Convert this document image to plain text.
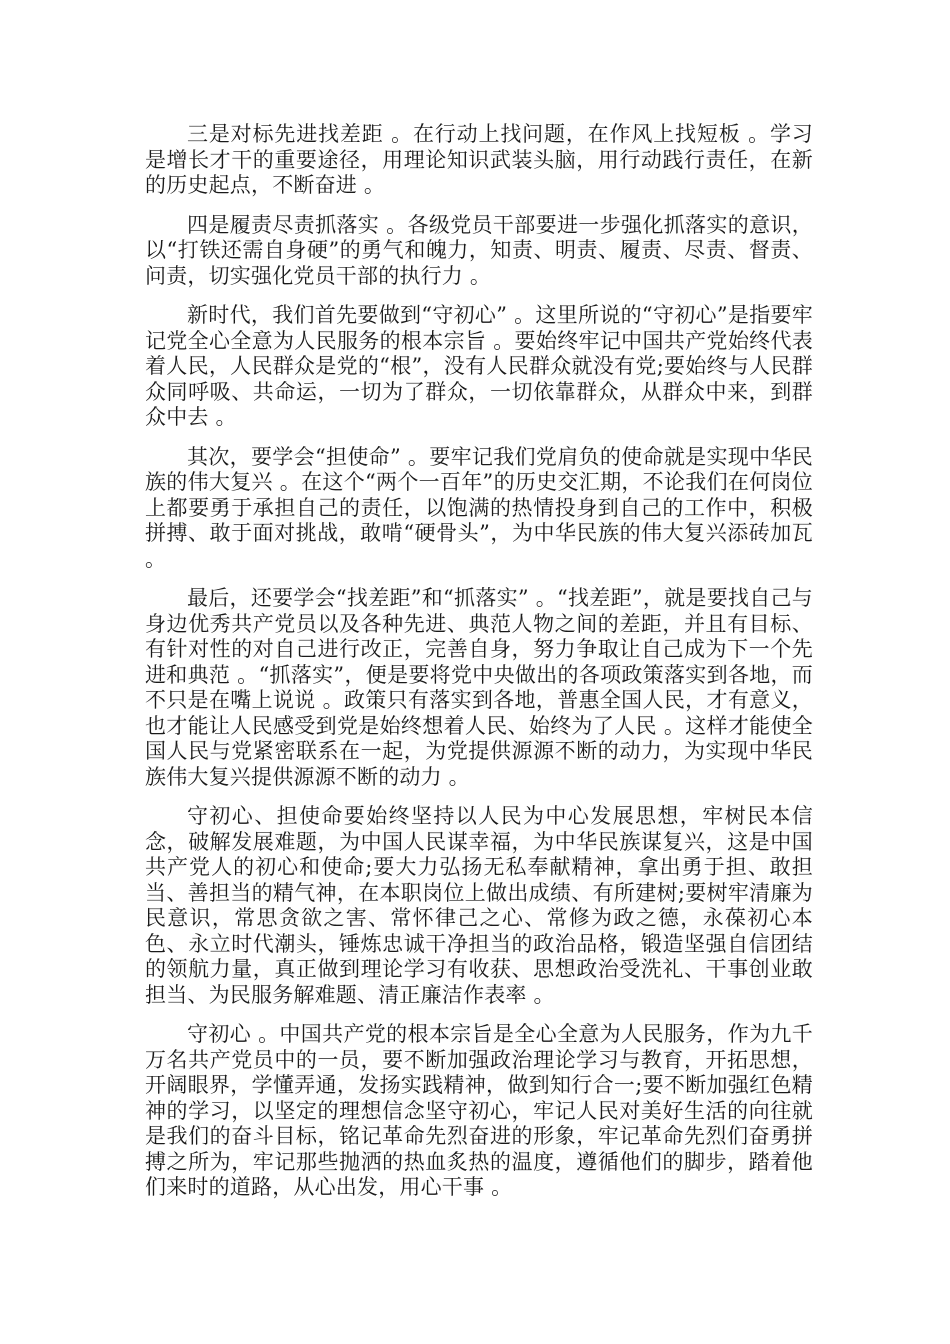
三是对标先进找差距 。在行动上找问题，在作风上找短板 。学习是增长才干的重要途径，用理论知识武装头脑，用行动践行责任，在新的历史起点，不断奋进 。

四是履责尽责抓落实 。各级党员干部要进一步强化抓落实的意识，以“打铁还需自身硬”的勇气和魄力，知责、明责、履责、尽责、督责、问责，切实强化党员干部的执行力 。

新时代，我们首先要做到“守初心” 。这里所说的“守初心”是指要牢记党全心全意为人民服务的根本宗旨 。要始终牢记中国共产党始终代表着人民，人民群众是党的“根”，没有人民群众就没有党;要始终与人民群众同呼吸、共命运，一切为了群众，一切依靠群众，从群众中来，到群众中去 。

其次，要学会“担使命” 。要牢记我们党肩负的使命就是实现中华民族的伟大复兴 。在这个“两个一百年”的历史交汇期，不论我们在何岗位上都要勇于承担自己的责任，以饱满的热情投身到自己的工作中，积极拼搏、敢于面对挑战，敢啃“硬骨头”，为中华民族的伟大复兴添砖加瓦 。

最后，还要学会“找差距”和“抓落实” 。“找差距”，就是要找自己与身边优秀共产党员以及各种先进、典范人物之间的差距，并且有目标、有针对性的对自己进行改正，完善自身，努力争取让自己成为下一个先进和典范 。“抓落实”，便是要将党中央做出的各项政策落实到各地，而不只是在嘴上说说 。政策只有落实到各地，普惠全国人民，才有意义，也才能让人民感受到党是始终想着人民、始终为了人民 。这样才能使全国人民与党紧密联系在一起，为党提供源源不断的动力，为实现中华民族伟大复兴提供源源不断的动力 。

守初心、担使命要始终坚持以人民为中心发展思想，牢树民本信念，破解发展难题，为中国人民谋幸福，为中华民族谋复兴，这是中国共产党人的初心和使命;要大力弘扬无私奉献精神，拿出勇于担、敢担当、善担当的精气神，在本职岗位上做出成绩、有所建树;要树牢清廉为民意识，常思贪欲之害、常怀律己之心、常修为政之德，永葆初心本色、永立时代潮头，锤炼忠诚干净担当的政治品格，锻造坚强自信团结的领航力量，真正做到理论学习有收获、思想政治受洗礼、干事创业敢担当、为民服务解难题、清正廉洁作表率 。

守初心 。中国共产党的根本宗旨是全心全意为人民服务，作为九千万名共产党员中的一员，要不断加强政治理论学习与教育，开拓思想，开阔眼界，学懂弄通，发扬实践精神，做到知行合一;要不断加强红色精神的学习，以坚定的理想信念坚守初心，牢记人民对美好生活的向往就是我们的奋斗目标，铭记革命先烈奋进的形象，牢记革命先烈们奋勇拼搏之所为，牢记那些抛洒的热血炙热的温度，遵循他们的脚步，踏着他们来时的道路，从心出发，用心干事 。
